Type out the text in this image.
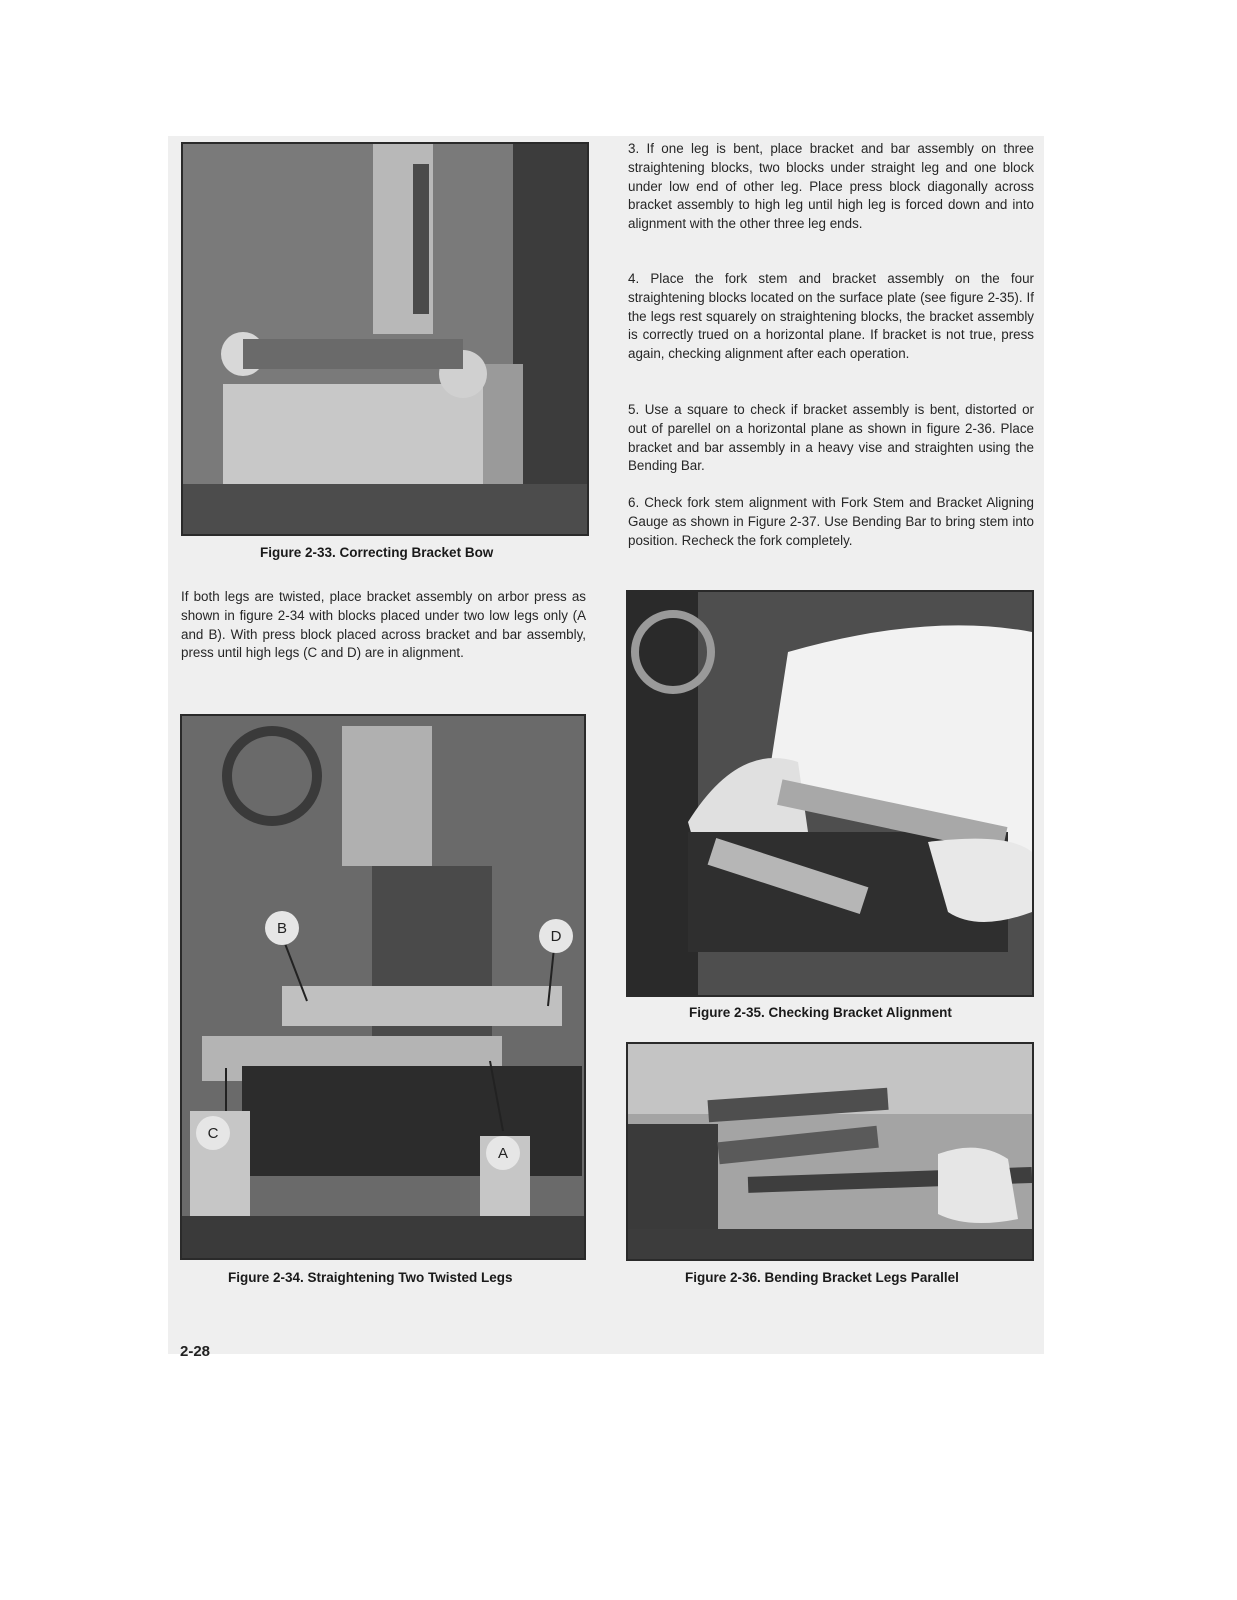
Figure 2-33. Correcting Bracket Bow

If both legs are twisted, place bracket assembly on arbor press as shown in figure 2-34 with blocks placed under two low legs only (A and B). With press block placed across bracket and bar assembly, press until high legs (C and D) are in alignment.

B	D
C
A
Figure 2-34. Straightening Two Twisted Legs

3. If one leg is bent, place bracket and bar assembly on three straightening blocks, two blocks under straight leg and one block under low end of other leg. Place press block diagonally across bracket assembly to high leg until high leg is forced down and into alignment with the other three leg ends.

4. Place the fork stem and bracket assembly on the four straightening blocks located on the surface plate (see figure 2-35). If the legs rest squarely on straightening blocks, the bracket assembly is correctly trued on a horizontal plane. If bracket is not true, press again, checking alignment after each operation.

5. Use a square to check if bracket assembly is bent, distorted or out of parellel on a horizontal plane as shown in figure 2-36. Place bracket and bar assembly in a heavy vise and straighten using the Bending Bar.

6. Check fork stem alignment with Fork Stem and Bracket Aligning Gauge as shown in Figure 2-37. Use Bending Bar to bring stem into position. Recheck the fork completely.

Figure 2-35. Checking Bracket Alignment
Figure 2-36. Bending Bracket Legs Parallel
2-28
